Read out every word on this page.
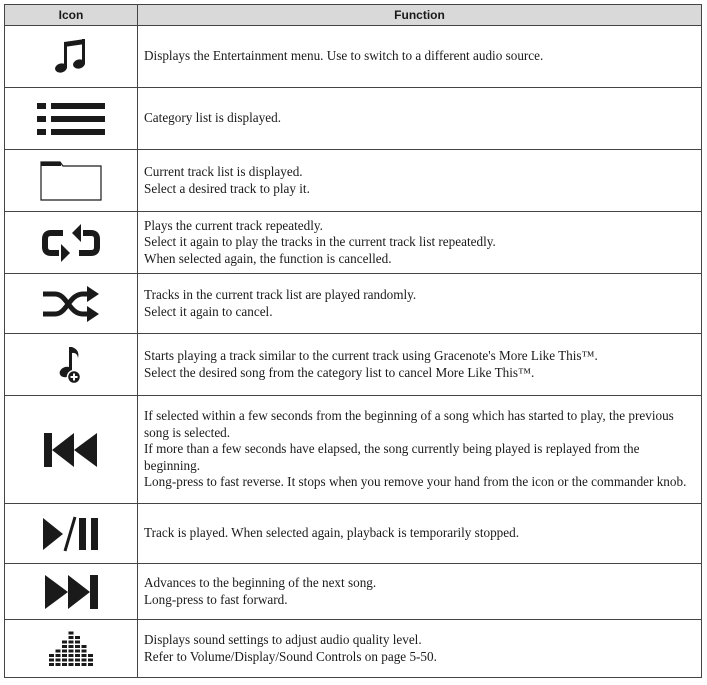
Icon	Function

Displays the Entertainment menu. Use to switch to a different audio source.

Category list is displayed.

Current track list is displayed.
Select a desired track to play it.

Plays the current track repeatedly.
Select it again to play the tracks in the current track list repeatedly.
When selected again, the function is cancelled.

Tracks in the current track list are played randomly.
Select it again to cancel.

Starts playing a track similar to the current track using Gracenote's More Like This™.
Select the desired song from the category list to cancel More Like This™.

If selected within a few seconds from the beginning of a song which has started to play, the previous song is selected.
If more than a few seconds have elapsed, the song currently being played is replayed from the beginning.
Long-press to fast reverse. It stops when you remove your hand from the icon or the commander knob.

Track is played. When selected again, playback is temporarily stopped.

Advances to the beginning of the next song.
Long-press to fast forward.

Displays sound settings to adjust audio quality level.
Refer to Volume/Display/Sound Controls on page 5-50.
